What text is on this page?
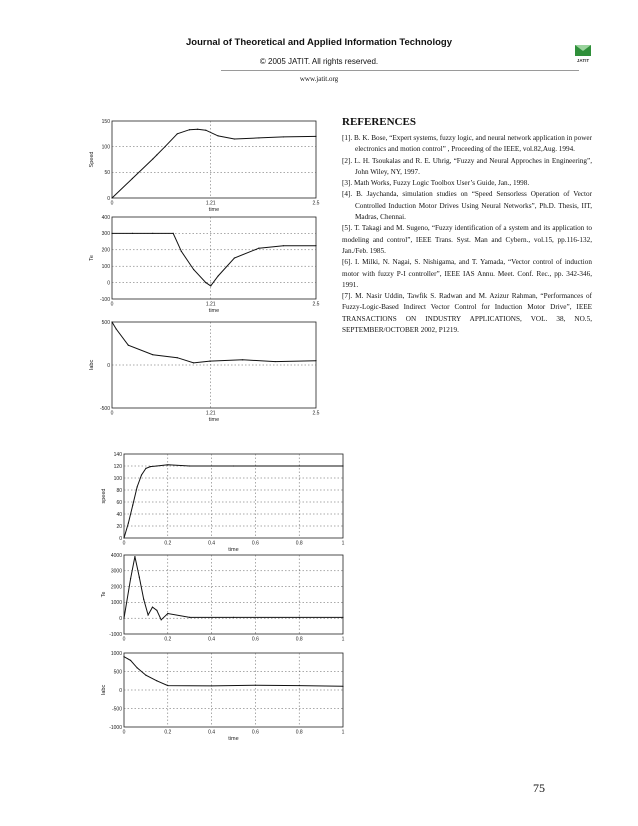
Journal of Theoretical and Applied Information Technology
© 2005 JATIT. All rights reserved.
www.jatit.org
JATIT
0	1.21	2.5
0
50
100
150
time
Speed
0	1.21	2.5
-100
0
100
200
300
400
time
Te
0	1.21	2.5
-500
0
500
time
Iabc
0	0.2	0.4	0.6	0.8	1
0
20
40
60
80
100
120
140
time
speed
0	0.2	0.4	0.6	0.8	1
-1000
0
1000
2000
3000
4000
Te
0	0.2	0.4	0.6	0.8	1
-1000
-500
0
500
1000
time
Iabc
REFERENCES

[1]. B. K. Bose, “Expert systems, fuzzy logic, and neural network application in power electronics and motion control” , Proceeding of the IEEE, vol.82,Aug. 1994.

[2]. L. H. Tsoukalas and R. E. Uhrig, “Fuzzy and Neural Approches in Engineering”, John Wiley, NY, 1997.

[3]. Math Works, Fuzzy Logic Toolbox User’s Guide, Jan., 1998.

[4]. B. Jaychanda, simulation studies on “Speed Sensorless Operation of Vector Controlled Induction Motor Drives Using Neural Networks”, Ph.D. Thesis, IIT, Madras, Chennai.

[5]. T. Takagi and M. Sugeno, “Fuzzy identification of a system and its application to modeling and control”, IEEE Trans. Syst. Man and Cybern., vol.15, pp.116-132, Jan./Feb. 1985.

[6]. I. Milki, N. Nagai, S. Nishigama, and T. Yamada, “Vector control of induction motor with fuzzy P-I controller”, IEEE IAS Annu. Meet. Conf. Rec., pp. 342-346, 1991.

[7]. M. Nasir Uddin, Tawfik S. Radwan and M. Azizur Rahman, “Performances of Fuzzy-Logic-Based Indirect Vector Control for Induction Motor Drive”, IEEE TRANSACTIONS ON INDUSTRY APPLICATIONS, VOL. 38, NO.5, SEPTEMBER/OCTOBER 2002, P1219.

75
